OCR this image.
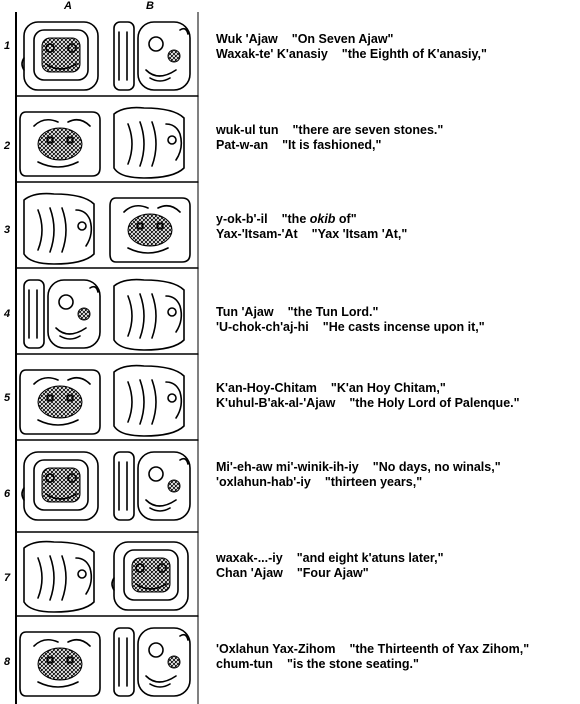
A	B
1
2
3
4
5
6
7
8
Wuk 'Ajaw "On Seven Ajaw"
Waxak-te' K'anasiy "the Eighth of K'anasiy,"
wuk-ul tun "there are seven stones."
Pat-w-an "It is fashioned,"
y-ok-b'-il "the okib of"
Yax-'Itsam-'At "Yax 'Itsam 'At,"
Tun 'Ajaw "the Tun Lord."
'U-chok-ch'aj-hi "He casts incense upon it,"
K'an-Hoy-Chitam "K'an Hoy Chitam,"
K'uhul-B'ak-al-'Ajaw "the Holy Lord of Palenque."
Mi'-eh-aw mi'-winik-ih-iy "No days, no winals,"
'oxlahun-hab'-iy "thirteen years,"
waxak-...-iy "and eight k'atuns later,"
Chan 'Ajaw "Four Ajaw"
'Oxlahun Yax-Zihom "the Thirteenth of Yax Zihom,"
chum-tun "is the stone seating."
